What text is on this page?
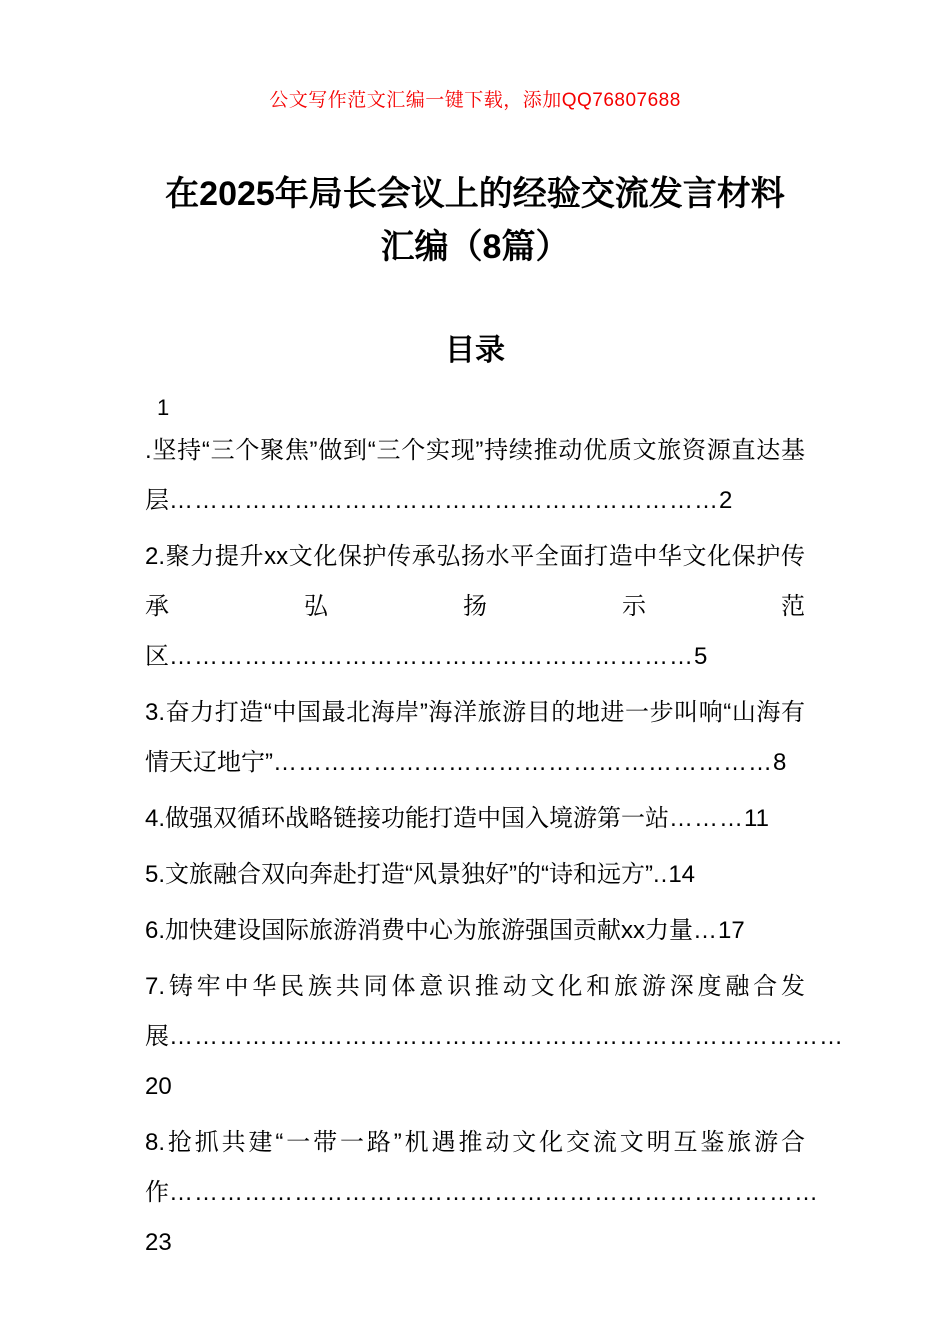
公文写作范文汇编一键下载，添加QQ76807688
在2025年局长会议上的经验交流发言材料
汇编（8篇）
目录
1

.坚持“三个聚焦”做到“三个实现”持续推动优质文旅资源直达基层…………………………………………………………2

2.聚力提升xx文化保护传承弘扬水平全面打造中华文化保护传承弘扬示范区………………………………………………………5

3.奋力打造“中国最北海岸”海洋旅游目的地进一步叫响“山海有情天辽地宁”……………………………………………………8

4.做强双循环战略链接功能打造中国入境游第一站………11

5.文旅融合双向奔赴打造“风景独好”的“诗和远方”..14

6.加快建设国际旅游消费中心为旅游强国贡献xx力量…17

7.铸牢中华民族共同体意识推动文化和旅游深度融合发展………………………………………………………………………20

8.抢抓共建“一带一路”机遇推动文化交流文明互鉴旅游合作……………………………………………………………………23
